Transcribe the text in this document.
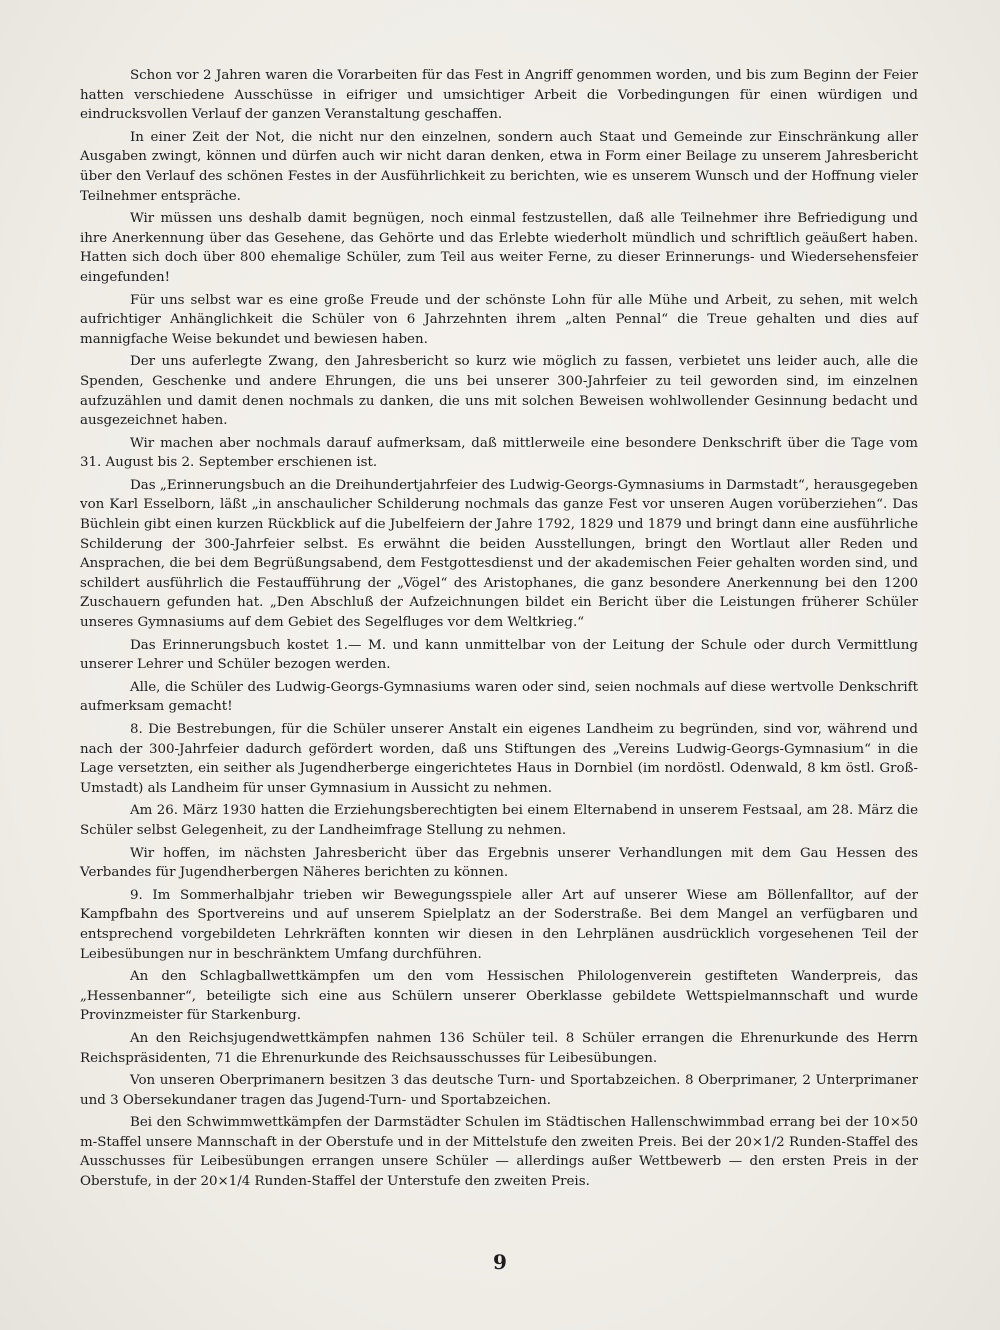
Schon vor 2 Jahren waren die Vorarbeiten für das Fest in Angriff genommen worden, und bis zum Beginn der Feier hatten verschiedene Ausschüsse in eifriger und umsichtiger Arbeit die Vorbedingungen für einen würdigen und eindrucksvollen Verlauf der ganzen Veranstaltung geschaffen.

In einer Zeit der Not, die nicht nur den einzelnen, sondern auch Staat und Gemeinde zur Einschränkung aller Ausgaben zwingt, können und dürfen auch wir nicht daran denken, etwa in Form einer Beilage zu unserem Jahresbericht über den Verlauf des schönen Festes in der Ausführlichkeit zu berichten, wie es unserem Wunsch und der Hoffnung vieler Teilnehmer entspräche.

Wir müssen uns deshalb damit begnügen, noch einmal festzustellen, daß alle Teilnehmer ihre Befriedigung und ihre Anerkennung über das Gesehene, das Gehörte und das Erlebte wiederholt mündlich und schriftlich geäußert haben. Hatten sich doch über 800 ehemalige Schüler, zum Teil aus weiter Ferne, zu dieser Erinnerungs- und Wiedersehensfeier eingefunden!

Für uns selbst war es eine große Freude und der schönste Lohn für alle Mühe und Arbeit, zu sehen, mit welch aufrichtiger Anhänglichkeit die Schüler von 6 Jahrzehnten ihrem „alten Pennal“ die Treue gehalten und dies auf mannigfache Weise bekundet und bewiesen haben.

Der uns auferlegte Zwang, den Jahresbericht so kurz wie möglich zu fassen, verbietet uns leider auch, alle die Spenden, Geschenke und andere Ehrungen, die uns bei unserer 300-Jahrfeier zu teil geworden sind, im einzelnen aufzuzählen und damit denen nochmals zu danken, die uns mit solchen Beweisen wohlwollender Gesinnung bedacht und ausgezeichnet haben.

Wir machen aber nochmals darauf aufmerksam, daß mittlerweile eine besondere Denkschrift über die Tage vom 31. August bis 2. September erschienen ist.

Das „Erinnerungsbuch an die Dreihundertjahrfeier des Ludwig-Georgs-Gymnasiums in Darmstadt“, herausgegeben von Karl Esselborn, läßt „in anschaulicher Schilderung nochmals das ganze Fest vor unseren Augen vorüberziehen“. Das Büchlein gibt einen kurzen Rückblick auf die Jubelfeiern der Jahre 1792, 1829 und 1879 und bringt dann eine ausführliche Schilderung der 300-Jahrfeier selbst. Es erwähnt die beiden Ausstellungen, bringt den Wortlaut aller Reden und Ansprachen, die bei dem Begrüßungsabend, dem Festgottesdienst und der akademischen Feier gehalten worden sind, und schildert ausführlich die Festaufführung der „Vögel“ des Aristophanes, die ganz besondere Anerkennung bei den 1200 Zuschauern gefunden hat. „Den Abschluß der Aufzeichnungen bildet ein Bericht über die Leistungen früherer Schüler unseres Gymnasiums auf dem Gebiet des Segelfluges vor dem Weltkrieg.“

Das Erinnerungsbuch kostet 1.— M. und kann unmittelbar von der Leitung der Schule oder durch Vermittlung unserer Lehrer und Schüler bezogen werden.

Alle, die Schüler des Ludwig-Georgs-Gymnasiums waren oder sind, seien nochmals auf diese wertvolle Denkschrift aufmerksam gemacht!

8. Die Bestrebungen, für die Schüler unserer Anstalt ein eigenes Landheim zu begründen, sind vor, während und nach der 300-Jahrfeier dadurch gefördert worden, daß uns Stiftungen des „Vereins Ludwig-Georgs-Gymnasium“ in die Lage versetzten, ein seither als Jugendherberge eingerichtetes Haus in Dornbiel (im nordöstl. Odenwald, 8 km östl. Groß-Umstadt) als Landheim für unser Gymnasium in Aussicht zu nehmen.

Am 26. März 1930 hatten die Erziehungsberechtigten bei einem Elternabend in unserem Festsaal, am 28. März die Schüler selbst Gelegenheit, zu der Landheimfrage Stellung zu nehmen.

Wir hoffen, im nächsten Jahresbericht über das Ergebnis unserer Verhandlungen mit dem Gau Hessen des Verbandes für Jugendherbergen Näheres berichten zu können.

9. Im Sommerhalbjahr trieben wir Bewegungsspiele aller Art auf unserer Wiese am Böllenfalltor, auf der Kampfbahn des Sportvereins und auf unserem Spielplatz an der Soderstraße. Bei dem Mangel an verfügbaren und entsprechend vorgebildeten Lehrkräften konnten wir diesen in den Lehrplänen ausdrücklich vorgesehenen Teil der Leibesübungen nur in beschränktem Umfang durchführen.

An den Schlagballwettkämpfen um den vom Hessischen Philologenverein gestifteten Wanderpreis, das „Hessenbanner“, beteiligte sich eine aus Schülern unserer Oberklasse gebildete Wettspielmannschaft und wurde Provinzmeister für Starkenburg.

An den Reichsjugendwettkämpfen nahmen 136 Schüler teil. 8 Schüler errangen die Ehrenurkunde des Herrn Reichspräsidenten, 71 die Ehrenurkunde des Reichsausschusses für Leibesübungen.

Von unseren Oberprimanern besitzen 3 das deutsche Turn- und Sportabzeichen. 8 Oberprimaner, 2 Unterprimaner und 3 Obersekundaner tragen das Jugend-Turn- und Sportabzeichen.

Bei den Schwimmwettkämpfen der Darmstädter Schulen im Städtischen Hallenschwimmbad errang bei der 10×50 m-Staffel unsere Mannschaft in der Oberstufe und in der Mittelstufe den zweiten Preis. Bei der 20×1/2 Runden-Staffel des Ausschusses für Leibesübungen errangen unsere Schüler — allerdings außer Wettbewerb — den ersten Preis in der Oberstufe, in der 20×1/4 Runden-Staffel der Unterstufe den zweiten Preis.

9
